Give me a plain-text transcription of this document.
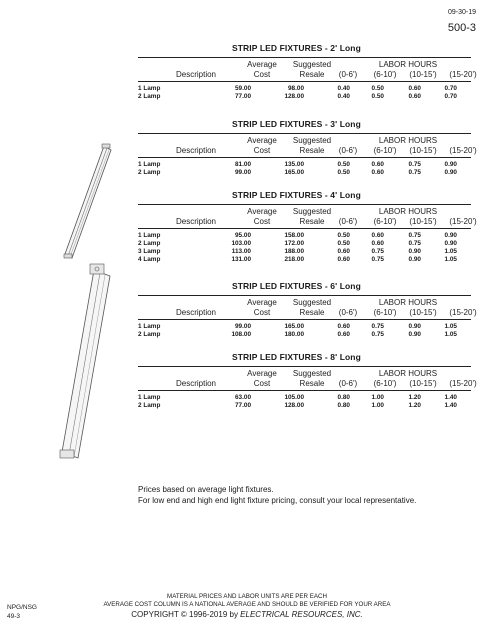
09-30-19
500-3
STRIP LED FIXTURES - 2' Long
Average	Suggested	LABOR HOURS
Description	Cost	Resale	(0-6')	(6-10')	(10-15')	(15-20')
1 Lamp	59.00	98.00	0.40	0.50	0.60	0.70
2 Lamp	77.00	128.00	0.40	0.50	0.60	0.70
STRIP LED FIXTURES - 3' Long
Average	Suggested	LABOR HOURS
Description	Cost	Resale	(0-6')	(6-10')	(10-15')	(15-20')
1 Lamp	81.00	135.00	0.50	0.60	0.75	0.90
2 Lamp	99.00	165.00	0.50	0.60	0.75	0.90
STRIP LED FIXTURES - 4' Long
Average	Suggested	LABOR HOURS
Description	Cost	Resale	(0-6')	(6-10')	(10-15')	(15-20')
1 Lamp	95.00	158.00	0.50	0.60	0.75	0.90
2 Lamp	103.00	172.00	0.50	0.60	0.75	0.90
3 Lamp	113.00	188.00	0.60	0.75	0.90	1.05
4 Lamp	131.00	218.00	0.60	0.75	0.90	1.05
STRIP LED FIXTURES - 6' Long
Average	Suggested	LABOR HOURS
Description	Cost	Resale	(0-6')	(6-10')	(10-15')	(15-20')
1 Lamp	99.00	165.00	0.60	0.75	0.90	1.05
2 Lamp	108.00	180.00	0.60	0.75	0.90	1.05
STRIP LED FIXTURES - 8' Long
Average	Suggested	LABOR HOURS
Description	Cost	Resale	(0-6')	(6-10')	(10-15')	(15-20')
1 Lamp	63.00	105.00	0.80	1.00	1.20	1.40
2 Lamp	77.00	128.00	0.80	1.00	1.20	1.40
Prices based on average light fixtures.
For low end and high end light fixture pricing, consult your local representative.
NPG/NSG
49-3
MATERIAL PRICES AND LABOR UNITS ARE PER EACH
AVERAGE COST COLUMN IS A NATIONAL AVERAGE AND SHOULD BE VERIFIED FOR YOUR AREA
COPYRIGHT © 1996-2019 by ELECTRICAL RESOURCES, INC.
